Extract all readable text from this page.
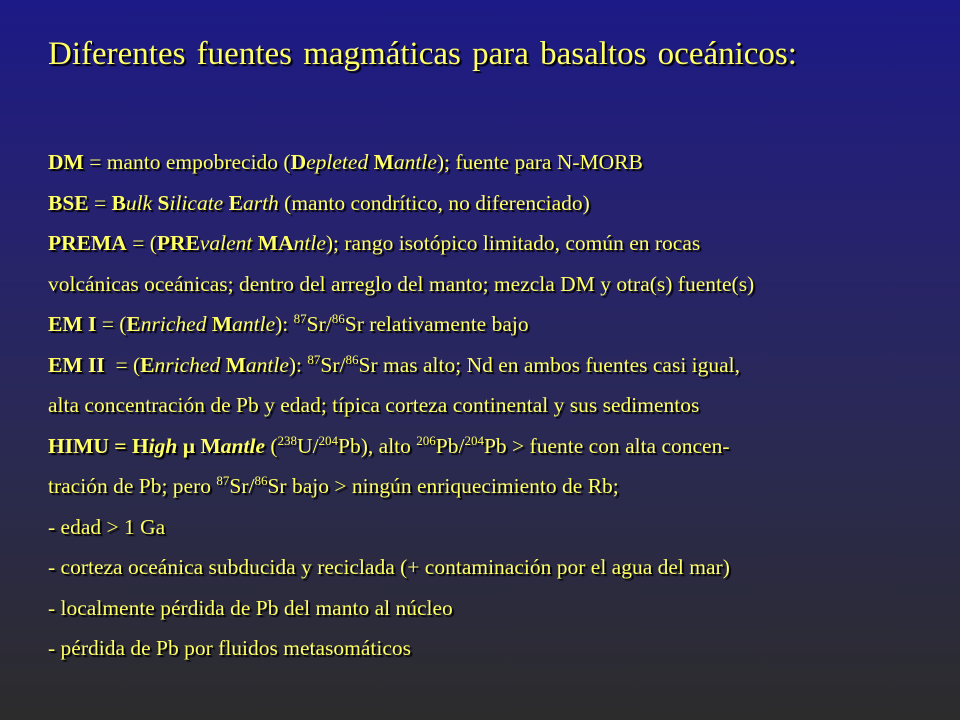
Diferentes fuentes magmáticas para basaltos oceánicos:
DM = manto empobrecido (Depleted Mantle); fuente para N-MORB
BSE = Bulk Silicate Earth (manto condrítico, no diferenciado)
PREMA = (PREvalent MAntle); rango isotópico limitado, común en rocas
volcánicas oceánicas; dentro del arreglo del manto; mezcla DM y otra(s) fuente(s)
EM I = (Enriched Mantle): $^{87}$Sr/$^{86}$Sr relativamente bajo
EM II  = (Enriched Mantle): $^{87}$Sr/$^{86}$Sr mas alto; Nd en ambos fuentes casi igual,
alta concentración de Pb y edad; típica corteza continental y sus sedimentos
HIMU = High µ Mantle ($^{238}$U/$^{204}$Pb), alto $^{206}$Pb/$^{204}$Pb > fuente con alta concen-
tración de Pb; pero $^{87}$Sr/$^{86}$Sr bajo > ningún enriquecimiento de Rb;
- edad > 1 Ga
- corteza oceánica subducida y reciclada (+ contaminación por el agua del mar)
- localmente pérdida de Pb del manto al núcleo
- pérdida de Pb por fluidos metasomáticos
